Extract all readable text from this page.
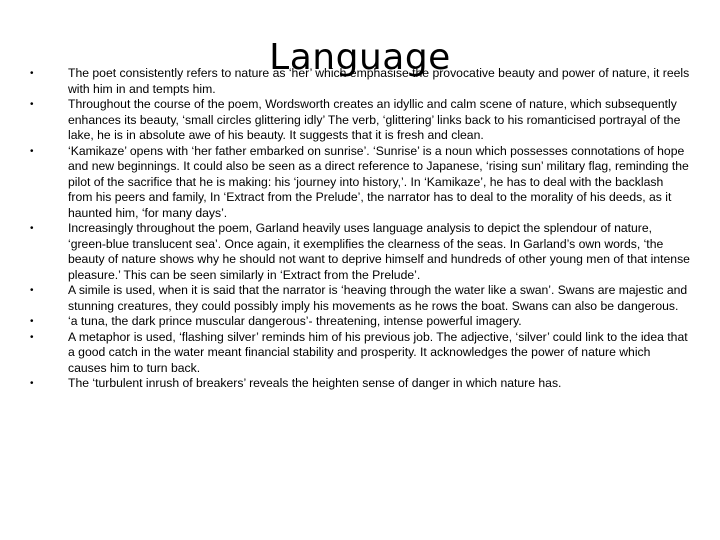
Language
•	The poet consistently refers to nature as ‘her’ which emphasise the provocative beauty and power of nature, it reels with him in and tempts him.
•	Throughout the course of the poem, Wordsworth creates an idyllic and calm scene of nature, which subsequently enhances its beauty, ‘small circles glittering idly’ The verb, ‘glittering’ links back to his romanticised portrayal of the lake, he is in absolute awe of his beauty. It suggests that it is fresh and clean.
•	‘Kamikaze’ opens with ‘her father embarked on sunrise’. ‘Sunrise’ is a noun which possesses connotations of hope and new beginnings. It could also be seen as a direct reference to Japanese, ‘rising sun’ military flag, reminding the pilot of the sacrifice that he is making: his ‘journey into history,’. In ‘Kamikaze’, he has to deal with the backlash from his peers and family, In ‘Extract from the Prelude’, the narrator has to deal to the morality of his deeds, as it haunted him, ‘for many days’.
•	Increasingly throughout the poem, Garland heavily uses language analysis to depict the splendour of nature, ‘green-blue translucent sea’. Once again, it exemplifies the clearness of the seas. In Garland’s own words, ‘the beauty of nature shows why he should not want to deprive himself and hundreds of other young men of that intense pleasure.’ This can be seen similarly in ‘Extract from the Prelude’.
•	A simile is used, when it is said that the narrator is ‘heaving through the water like a swan’. Swans are majestic and stunning creatures, they could possibly imply his movements as he rows the boat. Swans can also be dangerous.
•	‘a tuna, the dark prince muscular dangerous’- threatening, intense powerful imagery.
•	A metaphor is used, ‘flashing silver’ reminds him of his previous job. The adjective, ‘silver’ could link to the idea that a good catch in the water meant financial stability and prosperity. It acknowledges the power of nature which causes him to turn back.
•	The ‘turbulent inrush of breakers’ reveals the heighten sense of danger in which nature has.
